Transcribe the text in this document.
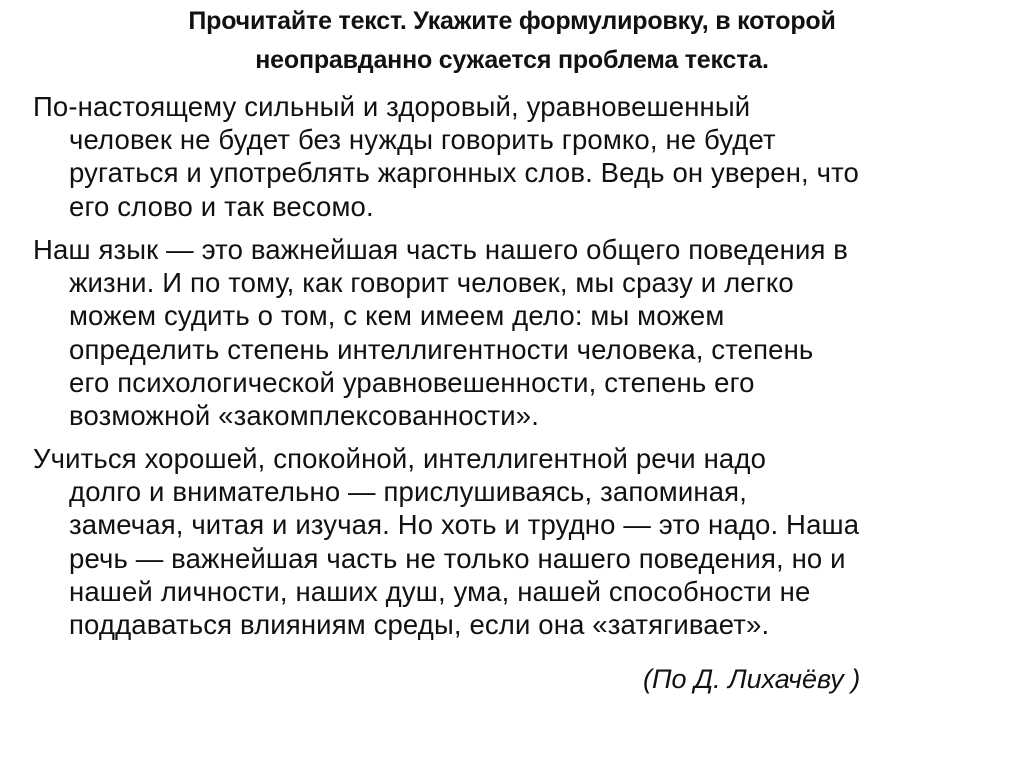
Прочитайте текст. Укажите формулировку, в которой
неоправданно сужается проблема текста.
По-настоящему сильный и здоровый, уравновешенный
человек не будет без нужды говорить громко, не будет
ругаться и употреблять жаргонных слов. Ведь он уверен, что
его слово и так весомо.
Наш язык — это важнейшая часть нашего общего поведения в
жизни. И по тому, как говорит человек, мы сразу и легко
можем судить о том, с кем имеем дело: мы можем
определить степень интеллигентности человека, степень
его психологической уравновешенности, степень его
возможной «закомплексованности».
Учиться хорошей, спокойной, интеллигентной речи надо
долго и внимательно — прислушиваясь, запоминая,
замечая, читая и изучая. Но хоть и трудно — это надо. Наша
речь — важнейшая часть не только нашего поведения, но и
нашей личности, наших душ, ума, нашей способности не
поддаваться влияниям среды, если она «затягивает».
(По Д. Лихачёву )
